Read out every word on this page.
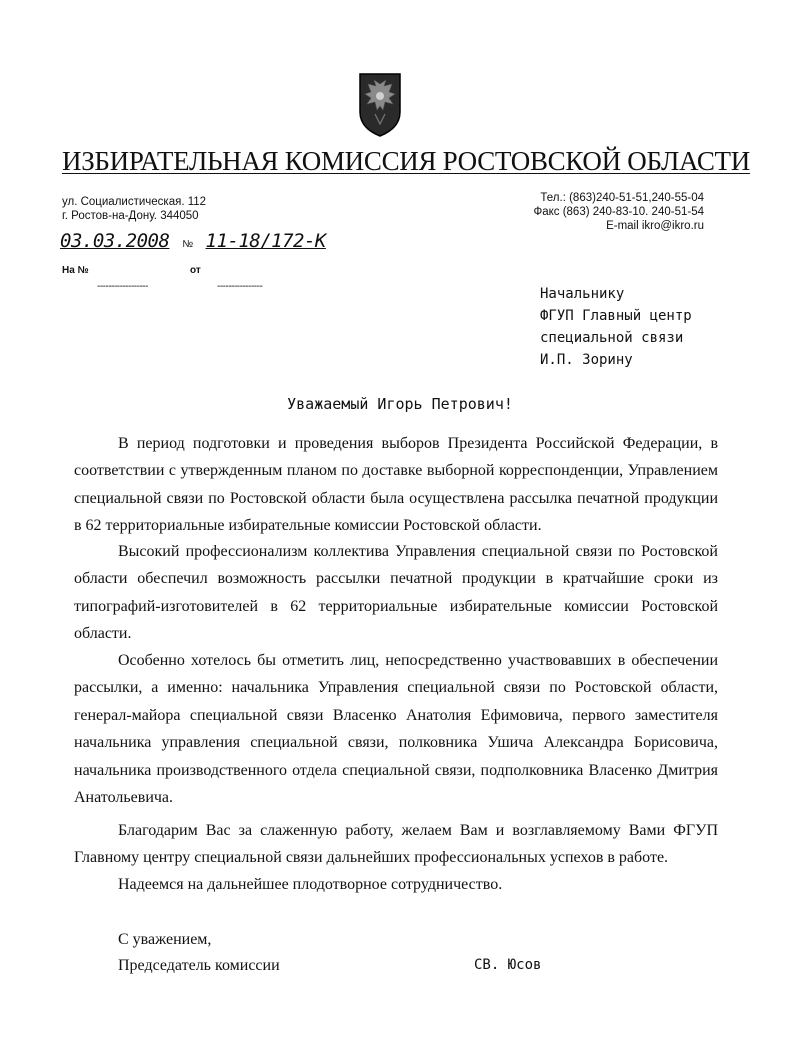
ИЗБИРАТЕЛЬНАЯ КОМИССИЯ РОСТОВСКОЙ ОБЛАСТИ
ул. Социалистическая. 112
г. Ростов-на-Дону. 344050
Тел.: (863)240-51-51,240-55-04
Факс (863) 240-83-10. 240-51-54
E-mail ikro@ikro.ru
03.03.2008 № 11-18/172-К
На №	от
------------------	----------------	Начальнику
ФГУП Главный центр
специальной связи
И.П. Зорину
Уважаемый Игорь Петрович!
В период подготовки и проведения выборов Президента Российской Федерации, в соответствии с утвержденным планом по доставке выборной корреспонденции, Управлением специальной связи по Ростовской области была осуществлена рассылка печатной продукции в 62 территориальные избирательные комиссии Ростовской области.
Высокий профессионализм коллектива Управления специальной связи по Ростовской области обеспечил возможность рассылки печатной продукции в кратчайшие сроки из типографий-изготовителей в 62 территориальные избирательные комиссии Ростовской области.
Особенно хотелось бы отметить лиц, непосредственно участвовавших в обеспечении рассылки, а именно: начальника Управления специальной связи по Ростовской области, генерал-майора специальной связи Власенко Анатолия Ефимовича, первого заместителя начальника управления специальной связи, полковника Ушича Александра Борисовича, начальника производственного отдела специальной связи, подполковника Власенко Дмитрия Анатольевича.
Благодарим Вас за слаженную работу, желаем Вам и возглавляемому Вами ФГУП Главному центру специальной связи дальнейших профессиональных успехов в работе.
Надеемся на дальнейшее плодотворное сотрудничество.
С уважением,
Председатель комиссии	СВ. Юсов
